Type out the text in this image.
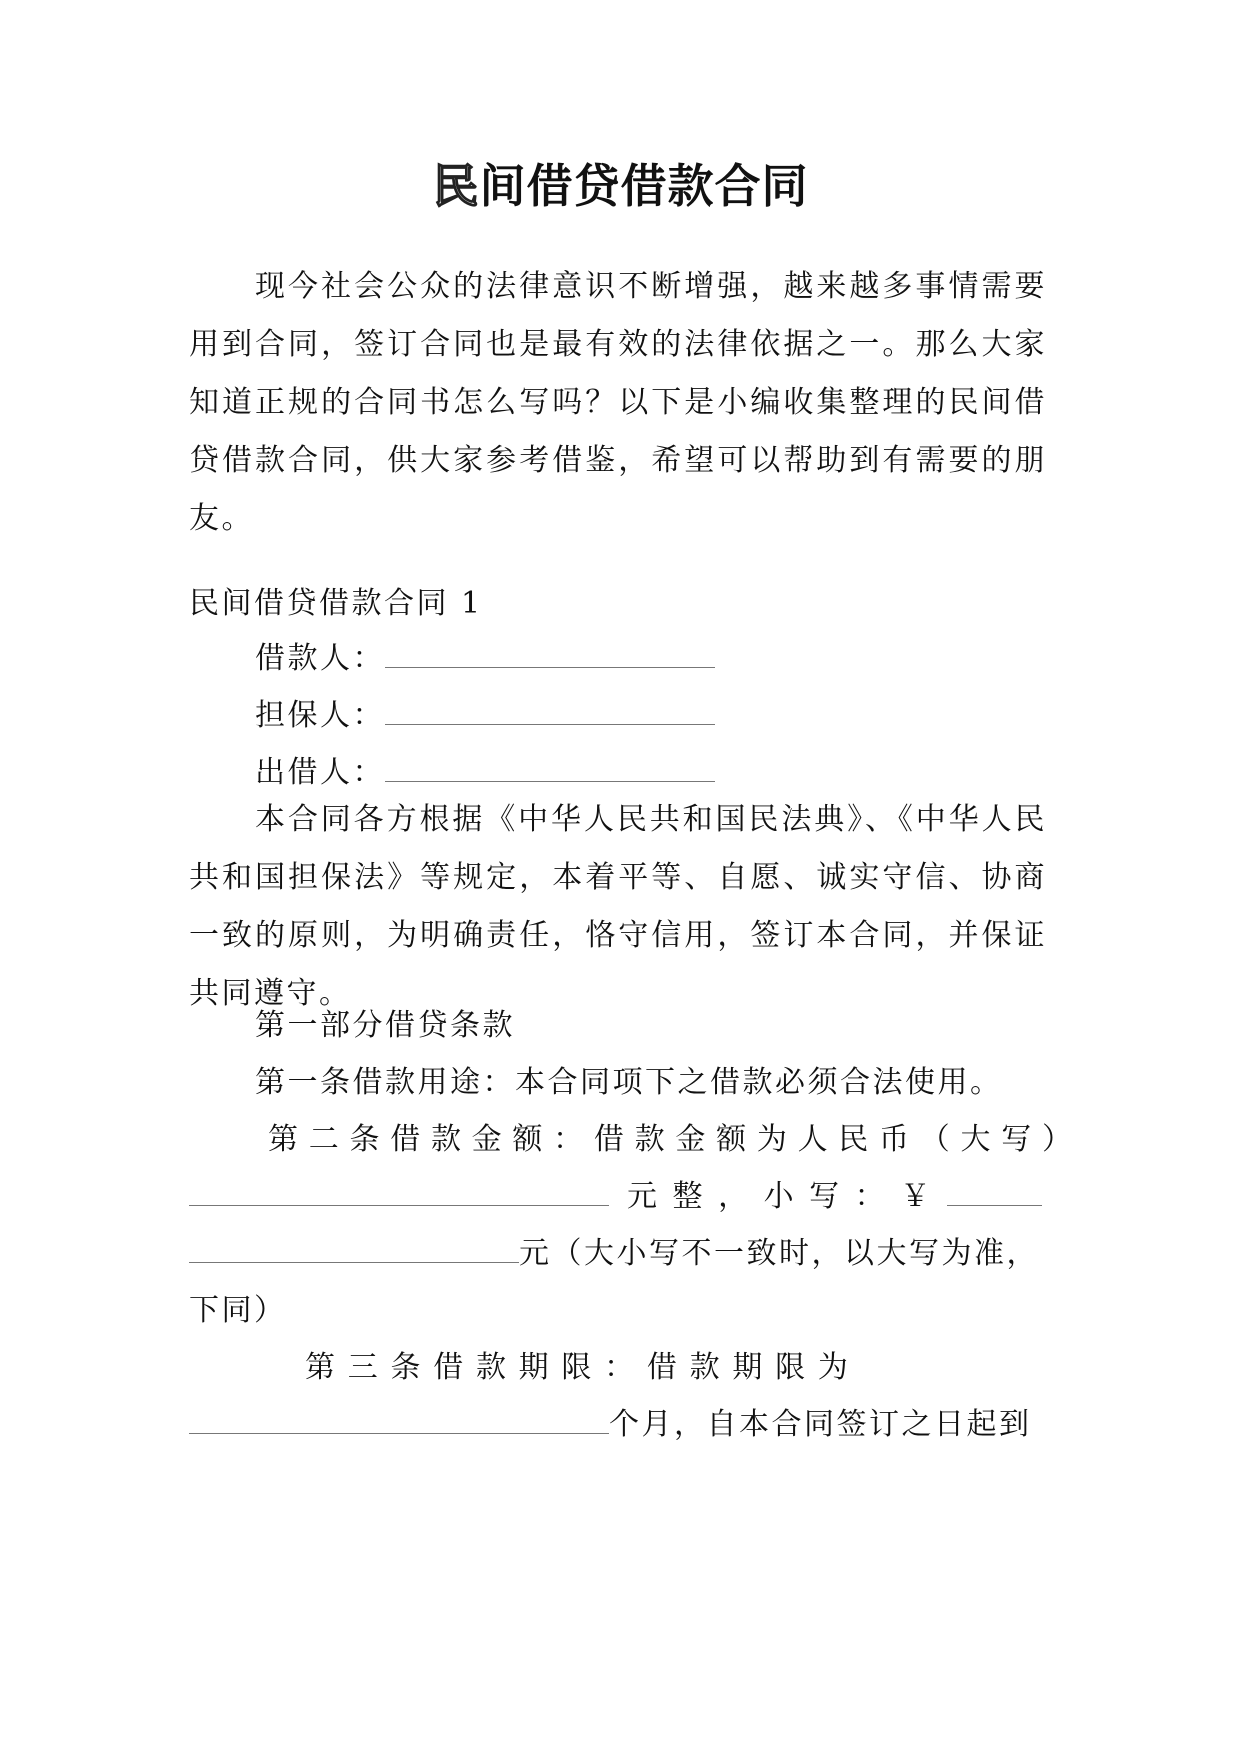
民间借贷借款合同
现今社会公众的法律意识不断增强，越来越多事情需要用到合同，签订合同也是最有效的法律依据之一。那么大家知道正规的合同书怎么写吗？以下是小编收集整理的民间借贷借款合同，供大家参考借鉴，希望可以帮助到有需要的朋友。
民间借贷借款合同 1
借款人：
担保人：
出借人：
本合同各方根据《中华人民共和国民法典》、《中华人民共和国担保法》等规定，本着平等、自愿、诚实守信、协商一致的原则，为明确责任，恪守信用，签订本合同，并保证共同遵守。
第一部分借贷条款
第一条借款用途：本合同项下之借款必须合法使用。
第 二 条 借 款 金 额 ： 借 款 金 额 为 人 民 币 （ 大 写 ）
元 整 ， 小 写 ： ￥
元（大小写不一致时，以大写为准，
下同）
第 三 条 借 款 期 限 ： 借 款 期 限 为
个月，自本合同签订之日起到
